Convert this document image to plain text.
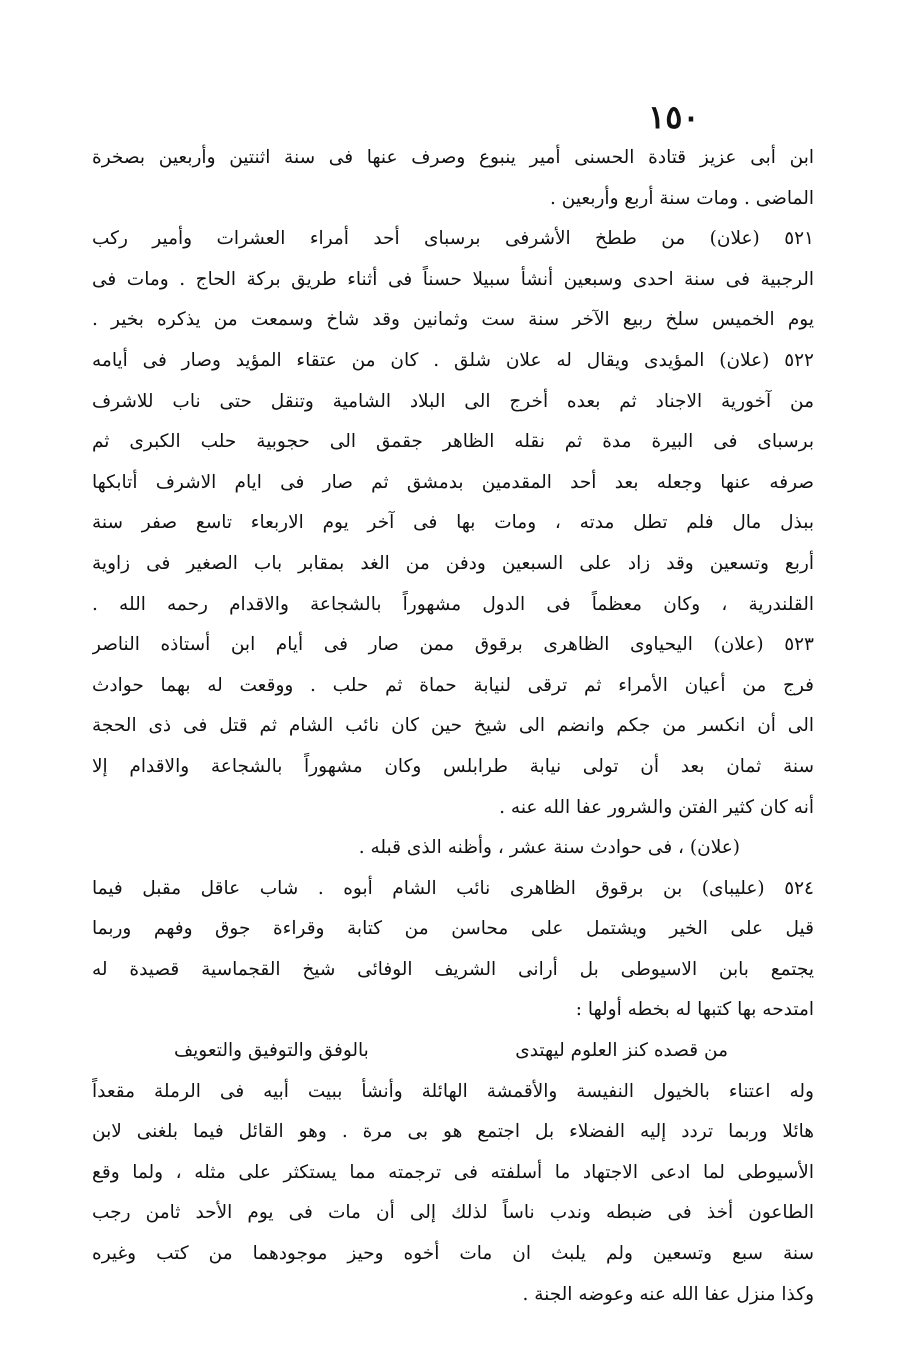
١٥٠
ابن أبى عزيز قتادة الحسنى أمير ينبوع وصرف عنها فى سنة اثنتين وأربعين بصخرة
الماضى . ومات سنة أربع وأربعين .
٥٢١ (علان) من ططخ الأشرفى برسباى أحد أمراء العشرات وأمير ركب
الرجبية فى سنة احدى وسبعين أنشأ سبيلا حسناً فى أثناء طريق بركة الحاج . ومات فى
يوم الخميس سلخ ربيع الآخر سنة ست وثمانين وقد شاخ وسمعت من يذكره بخير .
٥٢٢ (علان) المؤيدى ويقال له علان شلق . كان من عتقاء المؤيد وصار فى أيامه
من آخورية الاجناد ثم بعده أخرج الى البلاد الشامية وتنقل حتى ناب للاشرف
برسباى فى البيرة مدة ثم نقله الظاهر جقمق الى حجوبية حلب الكبرى ثم
صرفه عنها وجعله بعد أحد المقدمين بدمشق ثم صار فى ايام الاشرف أتابكها
ببذل مال فلم تطل مدته ، ومات بها فى آخر يوم الاربعاء تاسع صفر سنة
أربع وتسعين وقد زاد على السبعين ودفن من الغد بمقابر باب الصغير فى زاوية
القلندرية ، وكان معظماً فى الدول مشهوراً بالشجاعة والاقدام رحمه الله .
٥٢٣ (علان) اليحياوى الظاهرى برقوق ممن صار فى أيام ابن أستاذه الناصر
فرج من أعيان الأمراء ثم ترقى لنيابة حماة ثم حلب . ووقعت له بهما حوادث
الى أن انكسر من جكم وانضم الى شيخ حين كان نائب الشام ثم قتل فى ذى الحجة
سنة ثمان بعد أن تولى نيابة طرابلس وكان مشهوراً بالشجاعة والاقدام إلا
أنه كان كثير الفتن والشرور عفا الله عنه .
(علان) ، فى حوادث سنة عشر ، وأظنه الذى قبله .
٥٢٤ (عليباى) بن برقوق الظاهرى نائب الشام أبوه . شاب عاقل مقبل فيما
قيل على الخير ويشتمل على محاسن من كتابة وقراءة جوق وفهم وربما
يجتمع بابن الاسيوطى بل أرانى الشريف الوفائى شيخ القجماسية قصيدة له
امتدحه بها كتبها له بخطه أولها :
من قصده كنز العلوم ليهتدى
بالوفق والتوفيق والتعويف
وله اعتناء بالخيول النفيسة والأقمشة الهائلة وأنشأ ببيت أبيه فى الرملة مقعداً
هائلا وربما تردد إليه الفضلاء بل اجتمع هو بى مرة . وهو القائل فيما بلغنى لابن
الأسيوطى لما ادعى الاجتهاد ما أسلفته فى ترجمته مما يستكثر على مثله ، ولما وقع
الطاعون أخذ فى ضبطه وندب ناساً لذلك إلى أن مات فى يوم الأحد ثامن رجب
سنة سبع وتسعين ولم يلبث ان مات أخوه وحيز موجودهما من كتب وغيره
وكذا منزل عفا الله عنه وعوضه الجنة .
